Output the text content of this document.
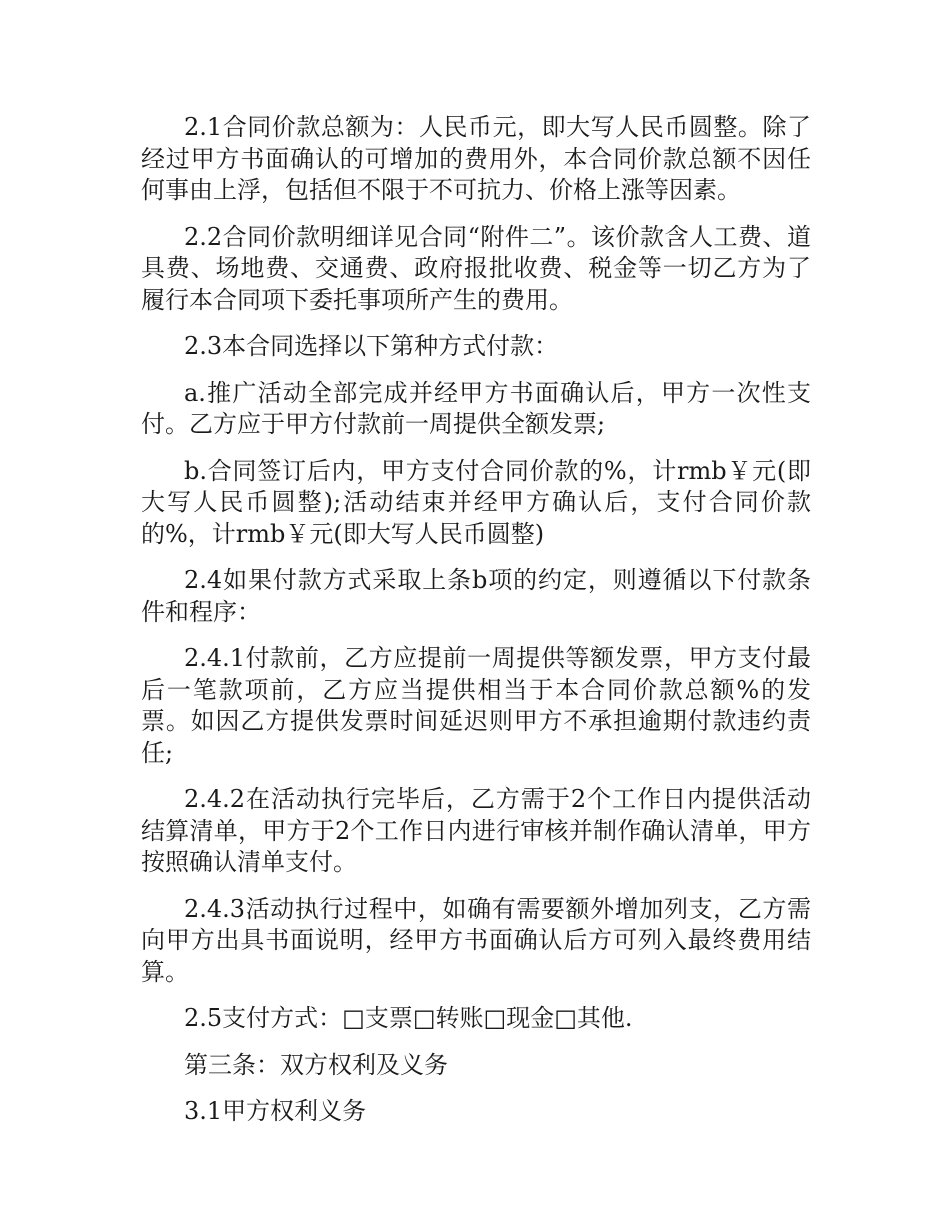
2.1合同价款总额为：人民币元，即大写人民币圆整。除了经过甲方书面确认的可增加的费用外，本合同价款总额不因任何事由上浮，包括但不限于不可抗力、价格上涨等因素。

2.2合同价款明细详见合同“附件二”。该价款含人工费、道具费、场地费、交通费、政府报批收费、税金等一切乙方为了履行本合同项下委托事项所产生的费用。

2.3本合同选择以下第种方式付款：

a.推广活动全部完成并经甲方书面确认后，甲方一次性支付。乙方应于甲方付款前一周提供全额发票;

b.合同签订后内，甲方支付合同价款的%，计rmb￥元(即大写人民币圆整);活动结束并经甲方确认后，支付合同价款的%，计rmb￥元(即大写人民币圆整)

2.4如果付款方式采取上条b项的约定，则遵循以下付款条件和程序：

2.4.1付款前，乙方应提前一周提供等额发票，甲方支付最后一笔款项前，乙方应当提供相当于本合同价款总额%的发票。如因乙方提供发票时间延迟则甲方不承担逾期付款违约责任;

2.4.2在活动执行完毕后，乙方需于2个工作日内提供活动结算清单，甲方于2个工作日内进行审核并制作确认清单，甲方按照确认清单支付。

2.4.3活动执行过程中，如确有需要额外增加列支，乙方需向甲方出具书面说明，经甲方书面确认后方可列入最终费用结算。

2.5支付方式：□支票□转账□现金□其他.

第三条：双方权利及义务

3.1甲方权利义务
